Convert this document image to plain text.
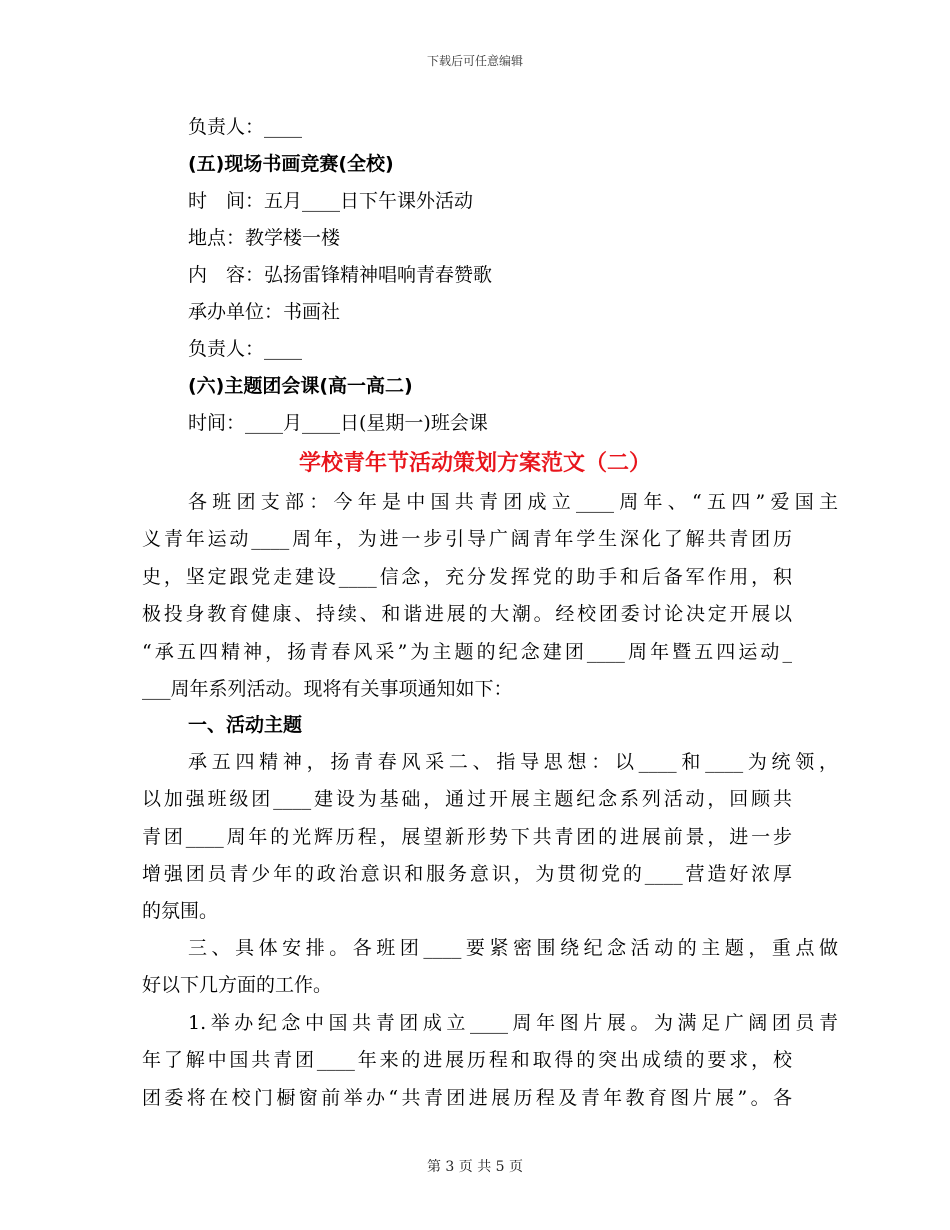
下载后可任意编辑
负责人：____
(五)现场书画竞赛(全校)
时　间：五月____日下午课外活动
地点：教学楼一楼
内　容：弘扬雷锋精神唱响青春赞歌
承办单位：书画社
负责人：____
(六)主题团会课(高一高二)
时间：____月____日(星期一)班会课
学校青年节活动策划方案范文（二）
各班团支部：今年是中国共青团成立____周年、“五四”爱国主
义青年运动____周年，为进一步引导广阔青年学生深化了解共青团历
史，坚定跟党走建设____信念，充分发挥党的助手和后备军作用，积
极投身教育健康、持续、和谐进展的大潮。经校团委讨论决定开展以
“承五四精神，扬青春风采”为主题的纪念建团____周年暨五四运动_
___周年系列活动。现将有关事项通知如下：
一、活动主题
承五四精神，扬青春风采二、指导思想：以____和____为统领，
以加强班级团____建设为基础，通过开展主题纪念系列活动，回顾共
青团____周年的光辉历程，展望新形势下共青团的进展前景，进一步
增强团员青少年的政治意识和服务意识，为贯彻党的____营造好浓厚
的氛围。
三、具体安排。各班团____要紧密围绕纪念活动的主题，重点做
好以下几方面的工作。
1.举办纪念中国共青团成立____周年图片展。为满足广阔团员青
年了解中国共青团____年来的进展历程和取得的突出成绩的要求，校
团委将在校门橱窗前举办“共青团进展历程及青年教育图片展”。各
第 3 页 共 5 页
